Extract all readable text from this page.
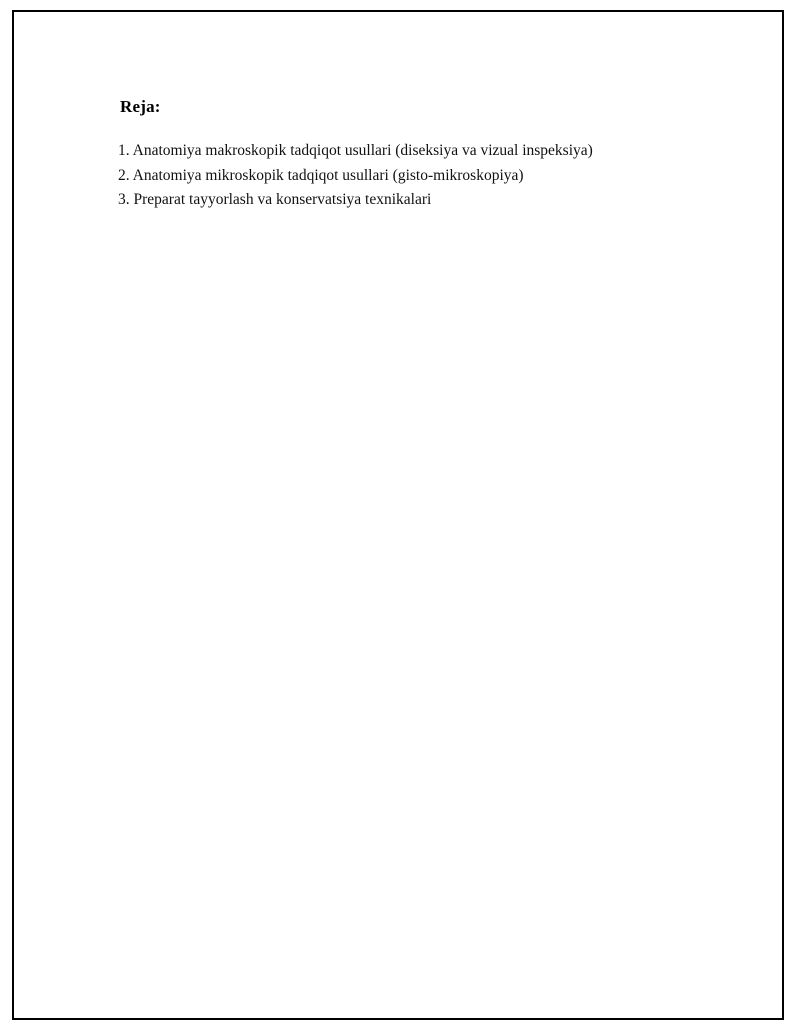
Reja:
1. Anatomiya makroskopik tadqiqot usullari (diseksiya va vizual inspeksiya)
2. Anatomiya mikroskopik tadqiqot usullari (gisto-mikroskopiya)
3. Preparat tayyorlash va konservatsiya texnikalari
